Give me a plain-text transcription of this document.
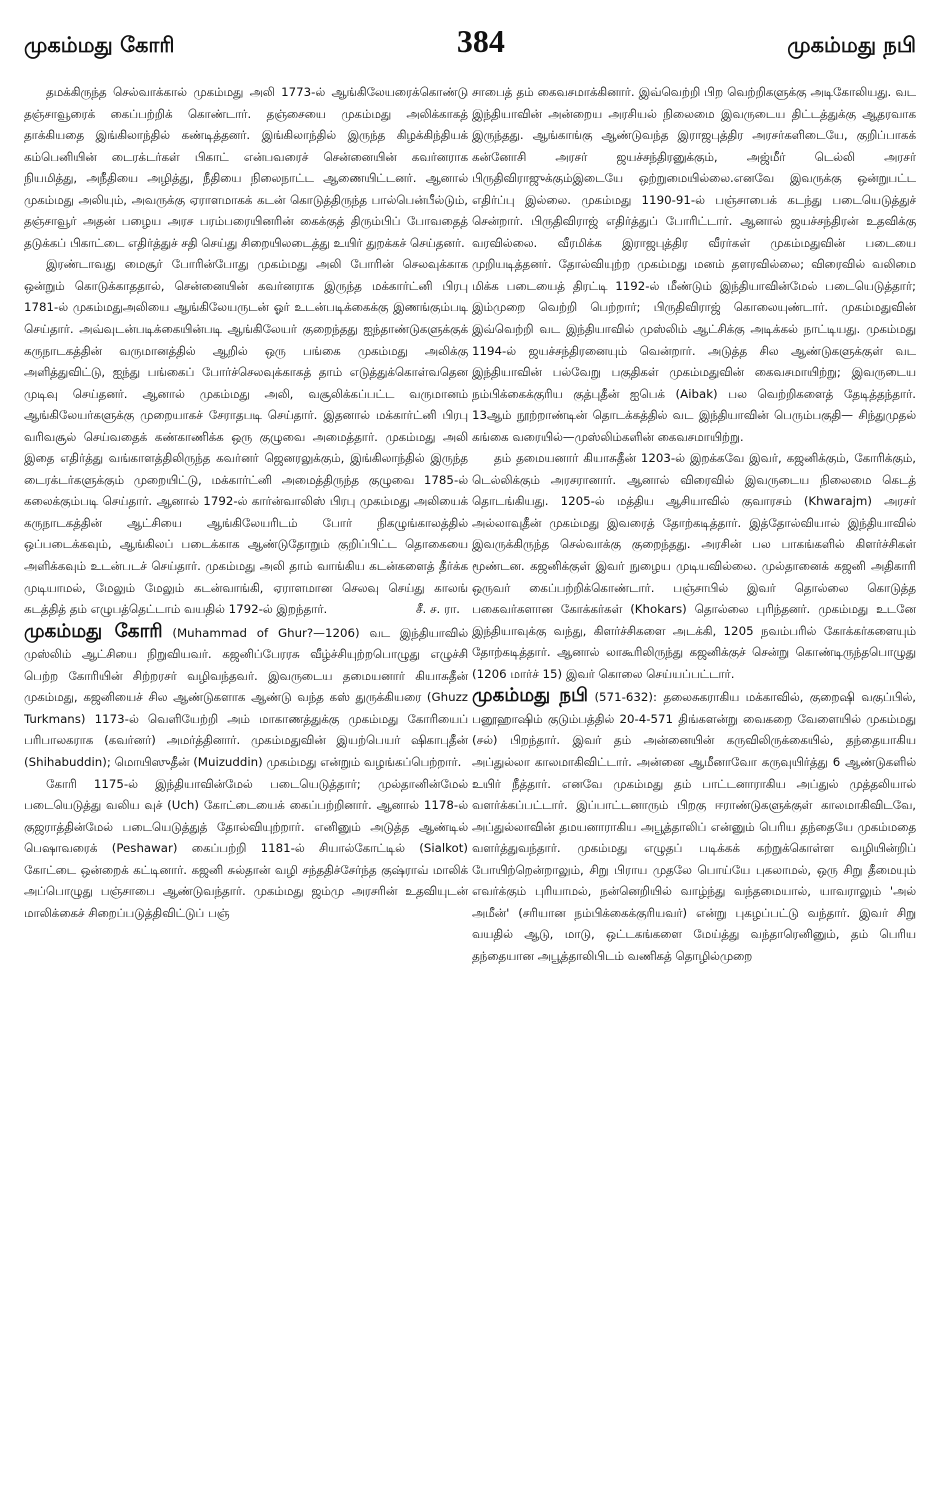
முகம்மது கோரி	384	முகம்மது நபி

தமக்கிருந்த செல்வாக்கால் முகம்மது அலி 1773-ல் ஆங்கிலேயரைக்கொண்டு தஞ்சாவூரைக் கைப்பற்றிக் கொண்டார். தஞ்சையை முகம்மது அலிக்காகத் தாக்கியதை இங்கிலாந்தில் கண்டித்தனர். இங்கிலாந்தில் இருந்த கிழக்கிந்தியக் கம்பெனியின் டைரக்டர்கள் பிகாட் என்பவரைச் சென்னையின் கவர்னராக நியமித்து, அநீதியை அழித்து, நீதியை நிலைநாட்ட ஆணையிட்டனர். ஆனால் முகம்மது அலியும், அவருக்கு ஏராளமாகக் கடன் கொடுத்திருந்த பால்பென்பீல்டும், தஞ்சாவூர் அதன் பழைய அரச பரம்பரையினரின் கைக்குத் திரும்பிப் போவதைத் தடுக்கப் பிகாட்டை எதிர்த்துச் சதி செய்து சிறையிலடைத்து உயிர் துறக்கச் செய்தனர்.

இரண்டாவது மைசூர் போரின்போது முகம்மது அலி போரின் செலவுக்காக ஒன்றும் கொடுக்காததால், சென்னையின் கவர்னராக இருந்த மக்கார்ட்னி பிரபு 1781-ல் முகம்மதுஅலியை ஆங்கிலேயருடன் ஓர் உடன்படிக்கைக்கு இணங்கும்படி செய்தார். அவ்வுடன்படிக்கையின்படி ஆங்கிலேயர் குறைந்தது ஐந்தாண்டுகளுக்குக் கருநாடகத்தின் வருமானத்தில் ஆறில் ஒரு பங்கை முகம்மது அலிக்கு அளித்துவிட்டு, ஐந்து பங்கைப் போர்ச்செலவுக்காகத் தாம் எடுத்துக்கொள்வதென முடிவு செய்தனர். ஆனால் முகம்மது அலி, வசூலிக்கப்பட்ட வருமானம் ஆங்கிலேயர்களுக்கு முறையாகச் சேராதபடி செய்தார். இதனால் மக்கார்ட்னி பிரபு வரிவசூல் செய்வதைக் கண்காணிக்க ஒரு குழுவை அமைத்தார். முகம்மது அலி இதை எதிர்த்து வங்காளத்திலிருந்த கவர்னர் ஜெனரலுக்கும், இங்கிலாந்தில் இருந்த டைரக்டர்களுக்கும் முறையிட்டு, மக்கார்ட்னி அமைத்திருந்த குழுவை 1785-ல் கலைக்கும்படி செய்தார். ஆனால் 1792-ல் கார்ன்வாலிஸ் பிரபு முகம்மது அலியைக் கருநாடகத்தின் ஆட்சியை ஆங்கிலேயரிடம் போர் நிகழுங்காலத்தில் ஒப்படைக்கவும், ஆங்கிலப் படைக்காக ஆண்டுதோறும் குறிப்பிட்ட தொகையை அளிக்கவும் உடன்படச் செய்தார். முகம்மது அலி தாம் வாங்கிய கடன்களைத் தீர்க்க முடியாமல், மேலும் மேலும் கடன்வாங்கி, ஏராளமான செலவு செய்து காலங் கடத்தித் தம் எழுபத்தெட்டாம் வயதில் 1792-ல் இறந்தார்.	சீ. ச. ரா.

முகம்மது கோரி (Muhammad of Ghur?—1206) வட இந்தியாவில் முஸ்லிம் ஆட்சியை நிறுவியவர். கஜனிப்பேரரசு வீழ்ச்சியுற்றபொழுது எழுச்சி பெற்ற கோரியின் சிற்றரசர் வழிவந்தவர். இவருடைய தமையனார் கியாசுதீன் முகம்மது, கஜனியைச் சில ஆண்டுகளாக ஆண்டு வந்த கஸ் துருக்கியரை (Ghuzz Turkmans) 1173-ல் வெளியேற்றி அம் மாகாணத்துக்கு முகம்மது கோரியைப் பரிபாலகராக (கவர்னர்) அமர்த்தினார். முகம்மதுவின் இயற்பெயர் ஷிகாபுதீன் (Shihabuddin); மொயிஸுதீன் (Muizuddin) முகம்மது என்றும் வழங்கப்பெற்றார்.

கோரி 1175-ல் இந்தியாவின்மேல் படையெடுத்தார்; முல்தானின்மேல் படையெடுத்து வலிய வுச் (Uch) கோட்டையைக் கைப்பற்றினார். ஆனால் 1178-ல் குஜராத்தின்மேல் படையெடுத்துத் தோல்வியுற்றார். எனினும் அடுத்த ஆண்டில் பெஷாவரைக் (Peshawar) கைப்பற்றி 1181-ல் சியால்கோட்டில் (Sialkot) கோட்டை ஒன்றைக் கட்டினார். கஜனி சுல்தான் வழி சந்ததிச்சேர்ந்த குஷ்ராவ் மாலிக் அப்பொழுது பஞ்சாபை ஆண்டுவந்தார். முகம்மது ஜம்மு அரசரின் உதவியுடன் மாலிக்கைச் சிறைப்படுத்திவிட்டுப் பஞ்

சாபைத் தம் கைவசமாக்கினார். இவ்வெற்றி பிற வெற்றிகளுக்கு அடிகோலியது. வட இந்தியாவின் அன்றைய அரசியல் நிலைமை இவருடைய திட்டத்துக்கு ஆதரவாக இருந்தது. ஆங்காங்கு ஆண்டுவந்த இராஜபுத்திர அரசர்களிடையே, குறிப்பாகக் கன்னோசி அரசர் ஜயச்சந்திரனுக்கும், அஜ்மீர் டெல்லி அரசர் பிருதிவிராஜுக்கும்இடையே ஒற்றுமையில்லை.எனவே இவருக்கு ஒன்றுபட்ட எதிர்ப்பு இல்லை. முகம்மது 1190-91-ல் பஞ்சாபைக் கடந்து படையெடுத்துச் சென்றார். பிருதிவிராஜ் எதிர்த்துப் போரிட்டார். ஆனால் ஜயச்சந்திரன் உதவிக்கு வரவில்லை. வீரமிக்க இராஜபுத்திர வீரர்கள் முகம்மதுவின் படையை முறியடித்தனர். தோல்வியுற்ற முகம்மது மனம் தளரவில்லை; விரைவில் வலிமை மிக்க படையைத் திரட்டி 1192-ல் மீண்டும் இந்தியாவின்மேல் படையெடுத்தார்; இம்முறை வெற்றி பெற்றார்; பிருதிவிராஜ் கொலையுண்டார். முகம்மதுவின் இவ்வெற்றி வட இந்தியாவில் முஸ்லிம் ஆட்சிக்கு அடிக்கல் நாட்டியது. முகம்மது 1194-ல் ஜயச்சந்திரனையும் வென்றார். அடுத்த சில ஆண்டுகளுக்குள் வட இந்தியாவின் பல்வேறு பகுதிகள் முகம்மதுவின் கைவசமாயிற்று; இவருடைய நம்பிக்கைக்குரிய குத்புதீன் ஐபெக் (Aibak) பல வெற்றிகளைத் தேடித்தந்தார். 13ஆம் நூற்றாண்டின் தொடக்கத்தில் வட இந்தியாவின் பெரும்பகுதி— சிந்துமுதல் கங்கை வரையில்—முஸ்லிம்களின் கைவசமாயிற்று.

தம் தமையனார் கியாசுதீன் 1203-ல் இறக்கவே இவர், கஜனிக்கும், கோரிக்கும், டெல்லிக்கும் அரசரானார். ஆனால் விரைவில் இவருடைய நிலைமை கெடத் தொடங்கியது. 1205-ல் மத்திய ஆசியாவில் குவாரசம் (Khwarajm) அரசர் அல்லாவுதீன் முகம்மது இவரைத் தோற்கடித்தார். இத்தோல்வியால் இந்தியாவில் இவருக்கிருந்த செல்வாக்கு குறைந்தது. அரசின் பல பாகங்களில் கிளர்ச்சிகள் மூண்டன. கஜனிக்குள் இவர் நுழைய முடியவில்லை. முல்தானைக் கஜனி அதிகாரி ஒருவர் கைப்பற்றிக்கொண்டார். பஞ்சாபில் இவர் தொல்லை கொடுத்த பகைவர்களான கோக்கர்கள் (Khokars) தொல்லை புரிந்தனர். முகம்மது உடனே இந்தியாவுக்கு வந்து, கிளர்ச்சிகளை அடக்கி, 1205 நவம்பரில் கோக்கர்களையும் தோற்கடித்தார். ஆனால் லாகூரிலிருந்து கஜனிக்குச் சென்று கொண்டிருந்தபொழுது (1206 மார்ச் 15) இவர் கொலை செய்யப்பட்டார்.

முகம்மது நபி (571-632): தலைசுகராகிய மக்காவில், குறைஷி வகுப்பில், பனூஹாஷிம் குடும்பத்தில் 20-4-571 திங்களன்று வைகறை வேளையில் முகம்மது (சல்) பிறந்தார். இவர் தம் அன்னையின் கருவிலிருக்கையில், தந்தையாகிய அப்துல்லா காலமாகிவிட்டார். அன்னை ஆமீனாவோ கருவுயிர்த்து 6 ஆண்டுகளில் உயிர் நீத்தார். எனவே முகம்மது தம் பாட்டனாராகிய அப்துல் முத்தலியால் வளர்க்கப்பட்டார். இப்பாட்டனாரும் பிறகு ஈராண்டுகளுக்குள் காலமாகிவிடவே, அப்துல்லாவின் தமயனாராகிய அபூத்தாலிப் என்னும் பெரிய தந்தையே முகம்மதை வளர்த்துவந்தார். முகம்மது எழுதப் படிக்கக் கற்றுக்கொள்ள வழியின்றிப் போயிற்றென்றாலும், சிறு பிராய முதலே பொய்யே புகலாமல், ஒரு சிறு தீமையும் எவர்க்கும் புரியாமல், நன்னெறியில் வாழ்ந்து வந்தமையால், யாவராலும் 'அல் அமீன்' (சரியான நம்பிக்கைக்குரியவர்) என்று புகழப்பட்டு வந்தார். இவர் சிறு வயதில் ஆடு, மாடு, ஒட்டகங்களை மேய்த்து வந்தாரெனினும், தம் பெரிய தந்தையான அபூத்தாலிபிடம் வணிகத் தொழில்முறை
